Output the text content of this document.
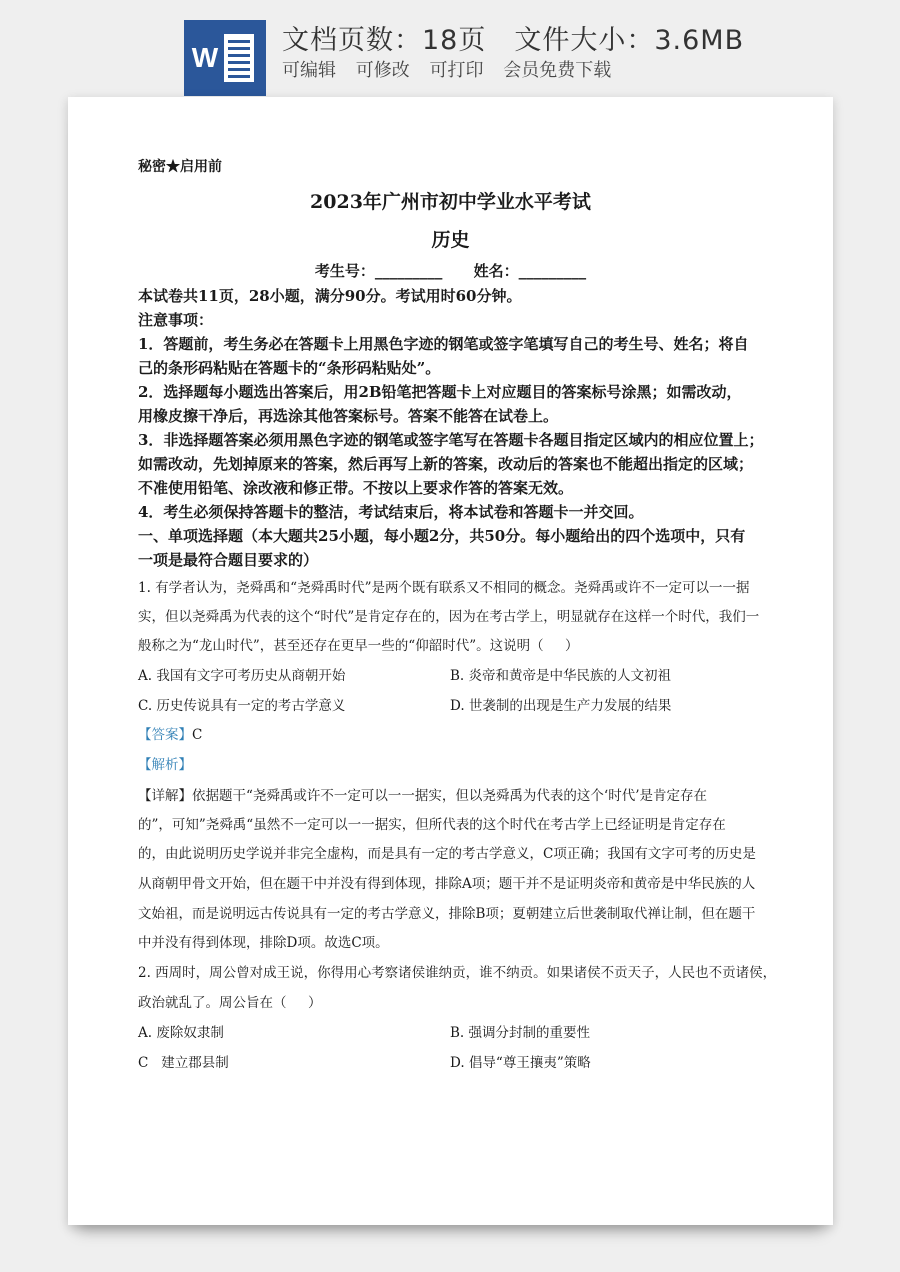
W
文档页数：18页 文件大小：3.6MB
可编辑 可修改 可打印 会员免费下载
秘密★启用前
2023年广州市初中学业水平考试
历史
考生号：_________      姓名：_________
本试卷共11页，28小题，满分90分。考试用时60分钟。
注意事项：
1．答题前，考生务必在答题卡上用黑色字迹的钢笔或签字笔填写自己的考生号、姓名；将自
己的条形码粘贴在答题卡的“条形码粘贴处”。
2．选择题每小题选出答案后，用2B铅笔把答题卡上对应题目的答案标号涂黑；如需改动，
用橡皮擦干净后，再选涂其他答案标号。答案不能答在试卷上。
3．非选择题答案必须用黑色字迹的钢笔或签字笔写在答题卡各题目指定区域内的相应位置上；
如需改动，先划掉原来的答案，然后再写上新的答案，改动后的答案也不能超出指定的区域；
不准使用铅笔、涂改液和修正带。不按以上要求作答的答案无效。
4．考生必须保持答题卡的整洁，考试结束后，将本试卷和答题卡一并交回。
一、单项选择题（本大题共25小题，每小题2分，共50分。每小题给出的四个选项中，只有
一项是最符合题目要求的）
1. 有学者认为，尧舜禹和“尧舜禹时代”是两个既有联系又不相同的概念。尧舜禹或许不一定可以一一据
实，但以尧舜禹为代表的这个“时代”是肯定存在的，因为在考古学上，明显就存在这样一个时代，我们一
般称之为“龙山时代”，甚至还存在更早一些的“仰韶时代”。这说明（     ）
A. 我国有文字可考历史从商朝开始	B. 炎帝和黄帝是中华民族的人文初祖
C. 历史传说具有一定的考古学意义	D. 世袭制的出现是生产力发展的结果
【答案】C
【解析】
【详解】依据题干“尧舜禹或许不一定可以一一据实，但以尧舜禹为代表的这个‘时代’是肯定存在
的”，可知”尧舜禹“虽然不一定可以一一据实，但所代表的这个时代在考古学上已经证明是肯定存在
的，由此说明历史学说并非完全虚构，而是具有一定的考古学意义，C项正确；我国有文字可考的历史是
从商朝甲骨文开始，但在题干中并没有得到体现，排除A项；题干并不是证明炎帝和黄帝是中华民族的人
文始祖，而是说明远古传说具有一定的考古学意义，排除B项；夏朝建立后世袭制取代禅让制，但在题干
中并没有得到体现，排除D项。故选C项。
2. 西周时，周公曾对成王说，你得用心考察诸侯谁纳贡，谁不纳贡。如果诸侯不贡天子，人民也不贡诸侯，
政治就乱了。周公旨在（     ）
A. 废除奴隶制	B. 强调分封制的重要性
C   建立郡县制	D. 倡导“尊王攘夷”策略
